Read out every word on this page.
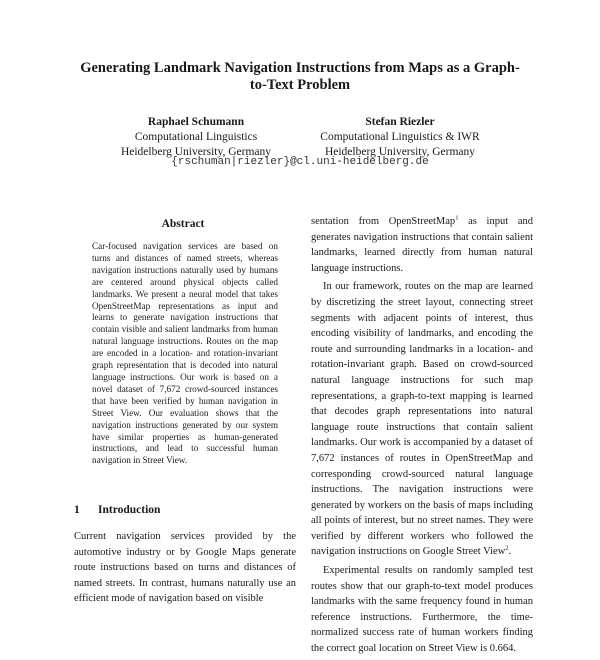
Generating Landmark Navigation Instructions from Maps as a Graph-to-Text Problem
Raphael Schumann
Computational Linguistics
Heidelberg University, Germany
Stefan Riezler
Computational Linguistics & IWR
Heidelberg University, Germany
{rschuman|riezler}@cl.uni-heidelberg.de
Abstract
Car-focused navigation services are based on turns and distances of named streets, whereas navigation instructions naturally used by humans are centered around physical objects called landmarks. We present a neural model that takes OpenStreetMap representations as input and learns to generate navigation instructions that contain visible and salient landmarks from human natural language instructions. Routes on the map are encoded in a location- and rotation-invariant graph representation that is decoded into natural language instructions. Our work is based on a novel dataset of 7,672 crowd-sourced instances that have been verified by human navigation in Street View. Our evaluation shows that the navigation instructions generated by our system have similar properties as human-generated instructions, and lead to successful human navigation in Street View.
1 Introduction
Current navigation services provided by the automotive industry or by Google Maps generate route instructions based on turns and distances of named streets. In contrast, humans naturally use an efficient mode of navigation based on visible

sentation from OpenStreetMap$^1$ as input and generates navigation instructions that contain salient landmarks, learned directly from human natural language instructions.

In our framework, routes on the map are learned by discretizing the street layout, connecting street segments with adjacent points of interest, thus encoding visibility of landmarks, and encoding the route and surrounding landmarks in a location- and rotation-invariant graph. Based on crowd-sourced natural language instructions for such map representations, a graph-to-text mapping is learned that decodes graph representations into natural language route instructions that contain salient landmarks. Our work is accompanied by a dataset of 7,672 instances of routes in OpenStreetMap and corresponding crowd-sourced natural language instructions. The navigation instructions were generated by workers on the basis of maps including all points of interest, but no street names. They were verified by different workers who followed the navigation instructions on Google Street View$^2$.

Experimental results on randomly sampled test routes show that our graph-to-text model produces landmarks with the same frequency found in human reference instructions. Furthermore, the time-normalized success rate of human workers finding the correct goal location on Street View is 0.664.
